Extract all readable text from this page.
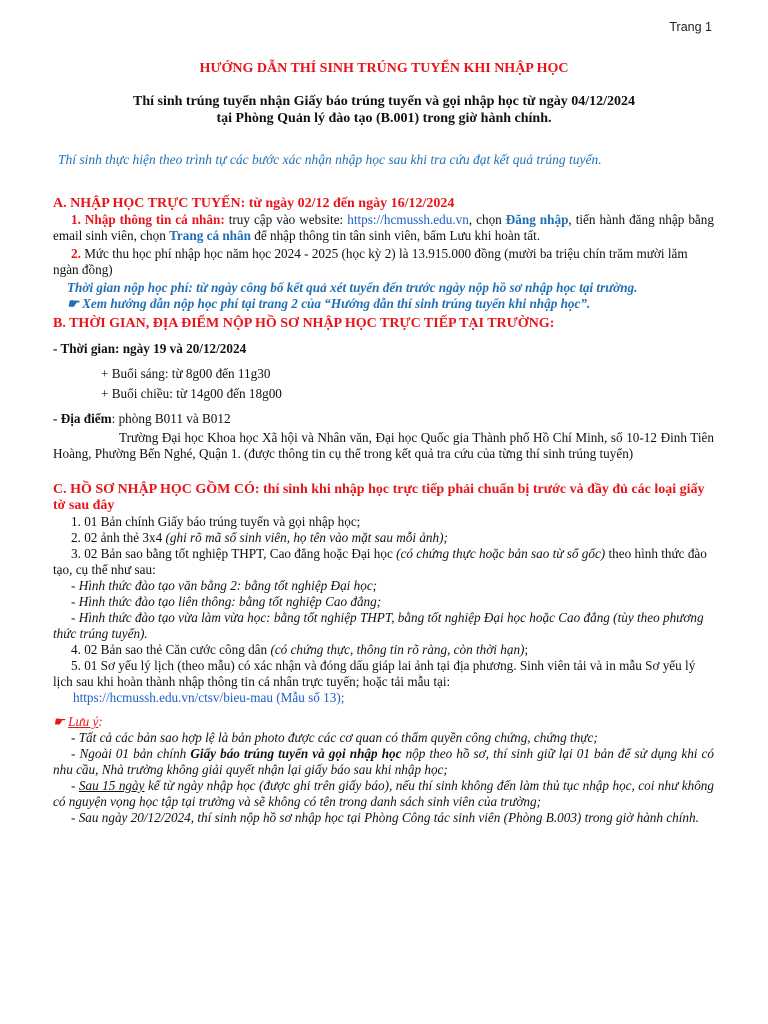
Trang 1
HƯỚNG DẪN THÍ SINH TRÚNG TUYỂN KHI NHẬP HỌC
Thí sinh trúng tuyển nhận Giấy báo trúng tuyển và gọi nhập học từ ngày 04/12/2024
tại Phòng Quản lý đào tạo (B.001) trong giờ hành chính.
Thí sinh thực hiện theo trình tự các bước xác nhận nhập học sau khi tra cứu đạt kết quả trúng tuyển.

A. NHẬP HỌC TRỰC TUYẾN: từ ngày 02/12 đến ngày 16/12/2024

1. Nhập thông tin cá nhân: truy cập vào website: https://hcmussh.edu.vn, chọn Đăng nhập, tiến hành đăng nhập bằng email sinh viên, chọn Trang cá nhân để nhập thông tin tân sinh viên, bấm Lưu khi hoàn tất.

2. Mức thu học phí nhập học năm học 2024 - 2025 (học kỳ 2) là 13.915.000 đồng (mười ba triệu chín trăm mười lăm ngàn đồng)

Thời gian nộp học phí: từ ngày công bố kết quả xét tuyển đến trước ngày nộp hồ sơ nhập học tại trường.

☛ Xem hướng dẫn nộp học phí tại trang 2 của “Hướng dẫn thí sinh trúng tuyển khi nhập học”.

B. THỜI GIAN, ĐỊA ĐIỂM NỘP HỒ SƠ NHẬP HỌC TRỰC TIẾP TẠI TRƯỜNG:

- Thời gian: ngày 19 và 20/12/2024

+ Buổi sáng: từ 8g00 đến 11g30

+ Buổi chiều: từ 14g00 đến 18g00

- Địa điểm: phòng B011 và B012

Trường Đại học Khoa học Xã hội và Nhân văn, Đại học Quốc gia Thành phố Hồ Chí Minh, số 10-12 Đinh Tiên Hoàng, Phường Bến Nghé, Quận 1. (được thông tin cụ thể trong kết quả tra cứu của từng thí sinh trúng tuyển)

C. HỒ SƠ NHẬP HỌC GỒM CÓ: thí sinh khi nhập học trực tiếp phải chuẩn bị trước và đầy đủ các loại giấy tờ sau đây

1. 01 Bản chính Giấy báo trúng tuyển và gọi nhập học;

2. 02 ảnh thẻ 3x4 (ghi rõ mã số sinh viên, họ tên vào mặt sau mỗi ảnh);

3. 02 Bản sao bằng tốt nghiệp THPT, Cao đẳng hoặc Đại học (có chứng thực hoặc bản sao từ sổ gốc) theo hình thức đào tạo, cụ thể như sau:

- Hình thức đào tạo văn bằng 2: bằng tốt nghiệp Đại học;

- Hình thức đào tạo liên thông: bằng tốt nghiệp Cao đẳng;

- Hình thức đào tạo vừa làm vừa học: bằng tốt nghiệp THPT, bằng tốt nghiệp Đại học hoặc Cao đẳng (tùy theo phương thức trúng tuyển).

4. 02 Bản sao thẻ Căn cước công dân (có chứng thực, thông tin rõ ràng, còn thời hạn);

5. 01 Sơ yếu lý lịch (theo mẫu) có xác nhận và đóng dấu giáp lai ảnh tại địa phương. Sinh viên tải và in mẫu Sơ yếu lý lịch sau khi hoàn thành nhập thông tin cá nhân trực tuyến; hoặc tải mẫu tại:

https://hcmussh.edu.vn/ctsv/bieu-mau (Mẫu số 13);

☛ Lưu ý:

- Tất cả các bản sao hợp lệ là bản photo được các cơ quan có thẩm quyền công chứng, chứng thực;

- Ngoài 01 bản chính Giấy báo trúng tuyển và gọi nhập học nộp theo hồ sơ, thí sinh giữ lại 01 bản để sử dụng khi có nhu cầu, Nhà trường không giải quyết nhận lại giấy báo sau khi nhập học;

- Sau 15 ngày kể từ ngày nhập học (được ghi trên giấy báo), nếu thí sinh không đến làm thủ tục nhập học, coi như không có nguyện vọng học tập tại trường và sẽ không có tên trong danh sách sinh viên của trường;

- Sau ngày 20/12/2024, thí sinh nộp hồ sơ nhập học tại Phòng Công tác sinh viên (Phòng B.003) trong giờ hành chính.
